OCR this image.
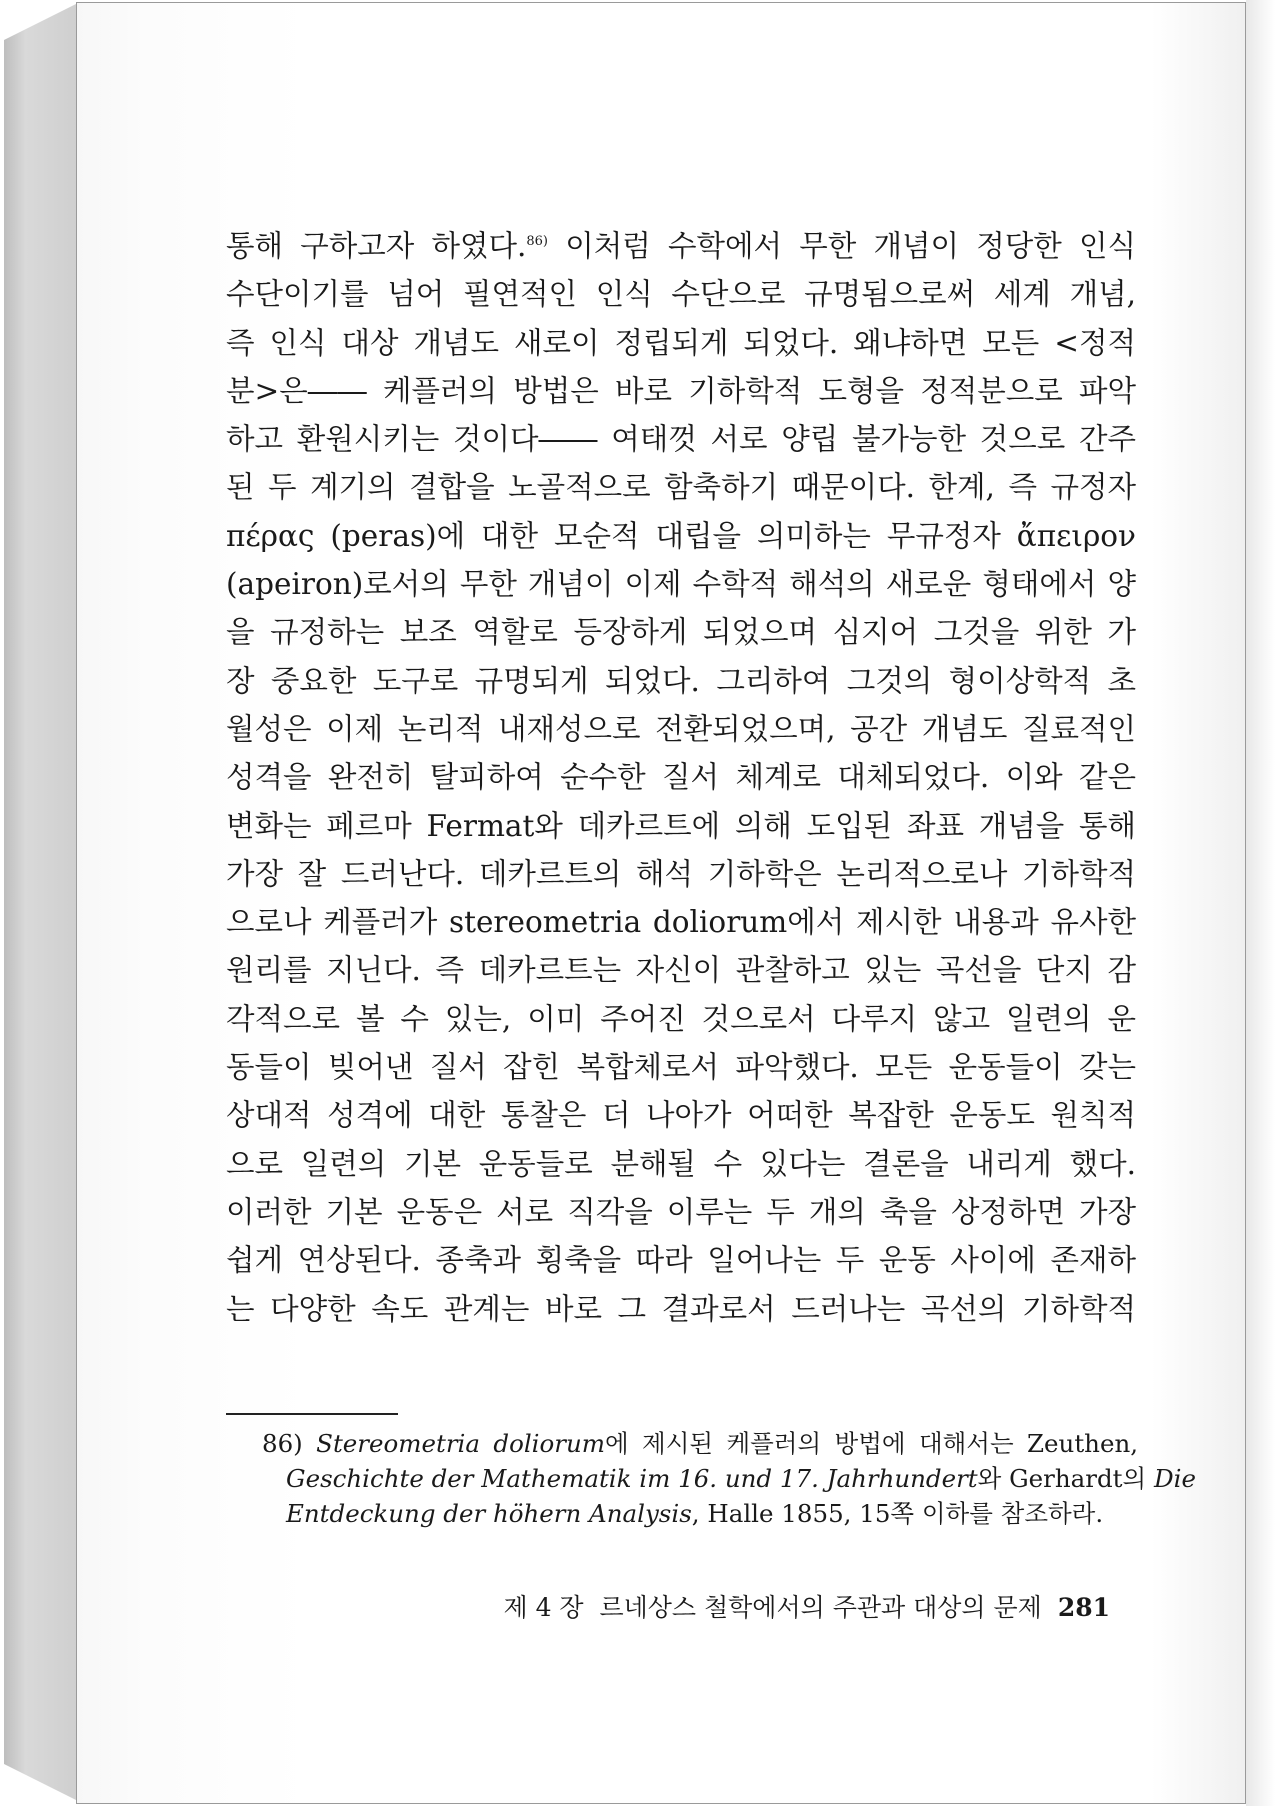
통해 구하고자 하였다.$^{86)}$ 이처럼 수학에서 무한 개념이 정당한 인식
수단이기를 넘어 필연적인 인식 수단으로 규명됨으로써 세계 개념,
즉 인식 대상 개념도 새로이 정립되게 되었다. 왜냐하면 모든 <정적
분>은―― 케플러의 방법은 바로 기하학적 도형을 정적분으로 파악
하고 환원시키는 것이다―― 여태껏 서로 양립 불가능한 것으로 간주
된 두 계기의 결합을 노골적으로 함축하기 때문이다. 한계, 즉 규정자
πέρας (peras)에 대한 모순적 대립을 의미하는 무규정자 ἄπειρον
(apeiron)로서의 무한 개념이 이제 수학적 해석의 새로운 형태에서 양
을 규정하는 보조 역할로 등장하게 되었으며 심지어 그것을 위한 가
장 중요한 도구로 규명되게 되었다. 그리하여 그것의 형이상학적 초
월성은 이제 논리적 내재성으로 전환되었으며, 공간 개념도 질료적인
성격을 완전히 탈피하여 순수한 질서 체계로 대체되었다. 이와 같은
변화는 페르마 Fermat와 데카르트에 의해 도입된 좌표 개념을 통해
가장 잘 드러난다. 데카르트의 해석 기하학은 논리적으로나 기하학적
으로나 케플러가 stereometria doliorum에서 제시한 내용과 유사한
원리를 지닌다. 즉 데카르트는 자신이 관찰하고 있는 곡선을 단지 감
각적으로 볼 수 있는, 이미 주어진 것으로서 다루지 않고 일련의 운
동들이 빚어낸 질서 잡힌 복합체로서 파악했다. 모든 운동들이 갖는
상대적 성격에 대한 통찰은 더 나아가 어떠한 복잡한 운동도 원칙적
으로 일련의 기본 운동들로 분해될 수 있다는 결론을 내리게 했다.
이러한 기본 운동은 서로 직각을 이루는 두 개의 축을 상정하면 가장
쉽게 연상된다. 종축과 횡축을 따라 일어나는 두 운동 사이에 존재하
는 다양한 속도 관계는 바로 그 결과로서 드러나는 곡선의 기하학적
86) Stereometria doliorum에 제시된 케플러의 방법에 대해서는 Zeuthen,
Geschichte der Mathematik im 16. und 17. Jahrhundert와 Gerhardt의 Die
Entdeckung der höhern Analysis, Halle 1855, 15쪽 이하를 참조하라.
제 4 장  르네상스 철학에서의 주관과 대상의 문제 281
